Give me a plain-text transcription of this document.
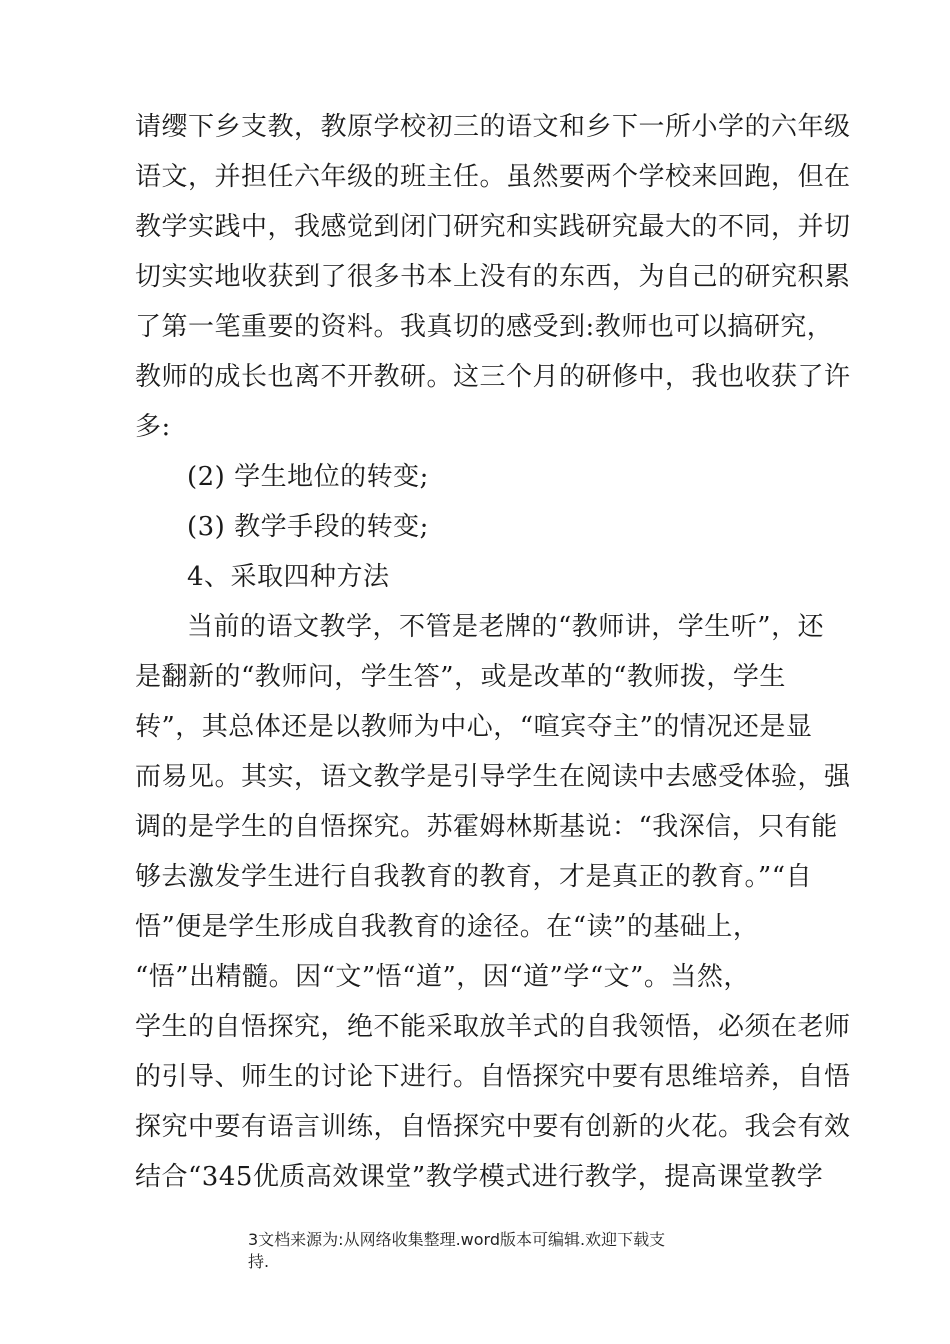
请缨下乡支教，教原学校初三的语文和乡下一所小学的六年级
语文，并担任六年级的班主任。虽然要两个学校来回跑，但在
教学实践中，我感觉到闭门研究和实践研究最大的不同，并切
切实实地收获到了很多书本上没有的东西，为自己的研究积累
了第一笔重要的资料。我真切的感受到:教师也可以搞研究，
教师的成长也离不开教研。这三个月的研修中，我也收获了许
多:
(2) 学生地位的转变;
(3) 教学手段的转变;
4、采取四种方法
当前的语文教学，不管是老牌的“教师讲，学生听”，还
是翻新的“教师问，学生答”，或是改革的“教师拨，学生
转”，其总体还是以教师为中心，“喧宾夺主”的情况还是显
而易见。其实，语文教学是引导学生在阅读中去感受体验，强
调的是学生的自悟探究。苏霍姆林斯基说：“我深信，只有能
够去激发学生进行自我教育的教育，才是真正的教育。”“自
悟”便是学生形成自我教育的途径。在“读”的基础上，
“悟”出精髓。因“文”悟“道”，因“道”学“文”。当然，
学生的自悟探究，绝不能采取放羊式的自我领悟，必须在老师
的引导、师生的讨论下进行。自悟探究中要有思维培养，自悟
探究中要有语言训练，自悟探究中要有创新的火花。我会有效
结合“345优质高效课堂”教学模式进行教学，提高课堂教学
3文档来源为:从网络收集整理.word版本可编辑.欢迎下载支
持.
